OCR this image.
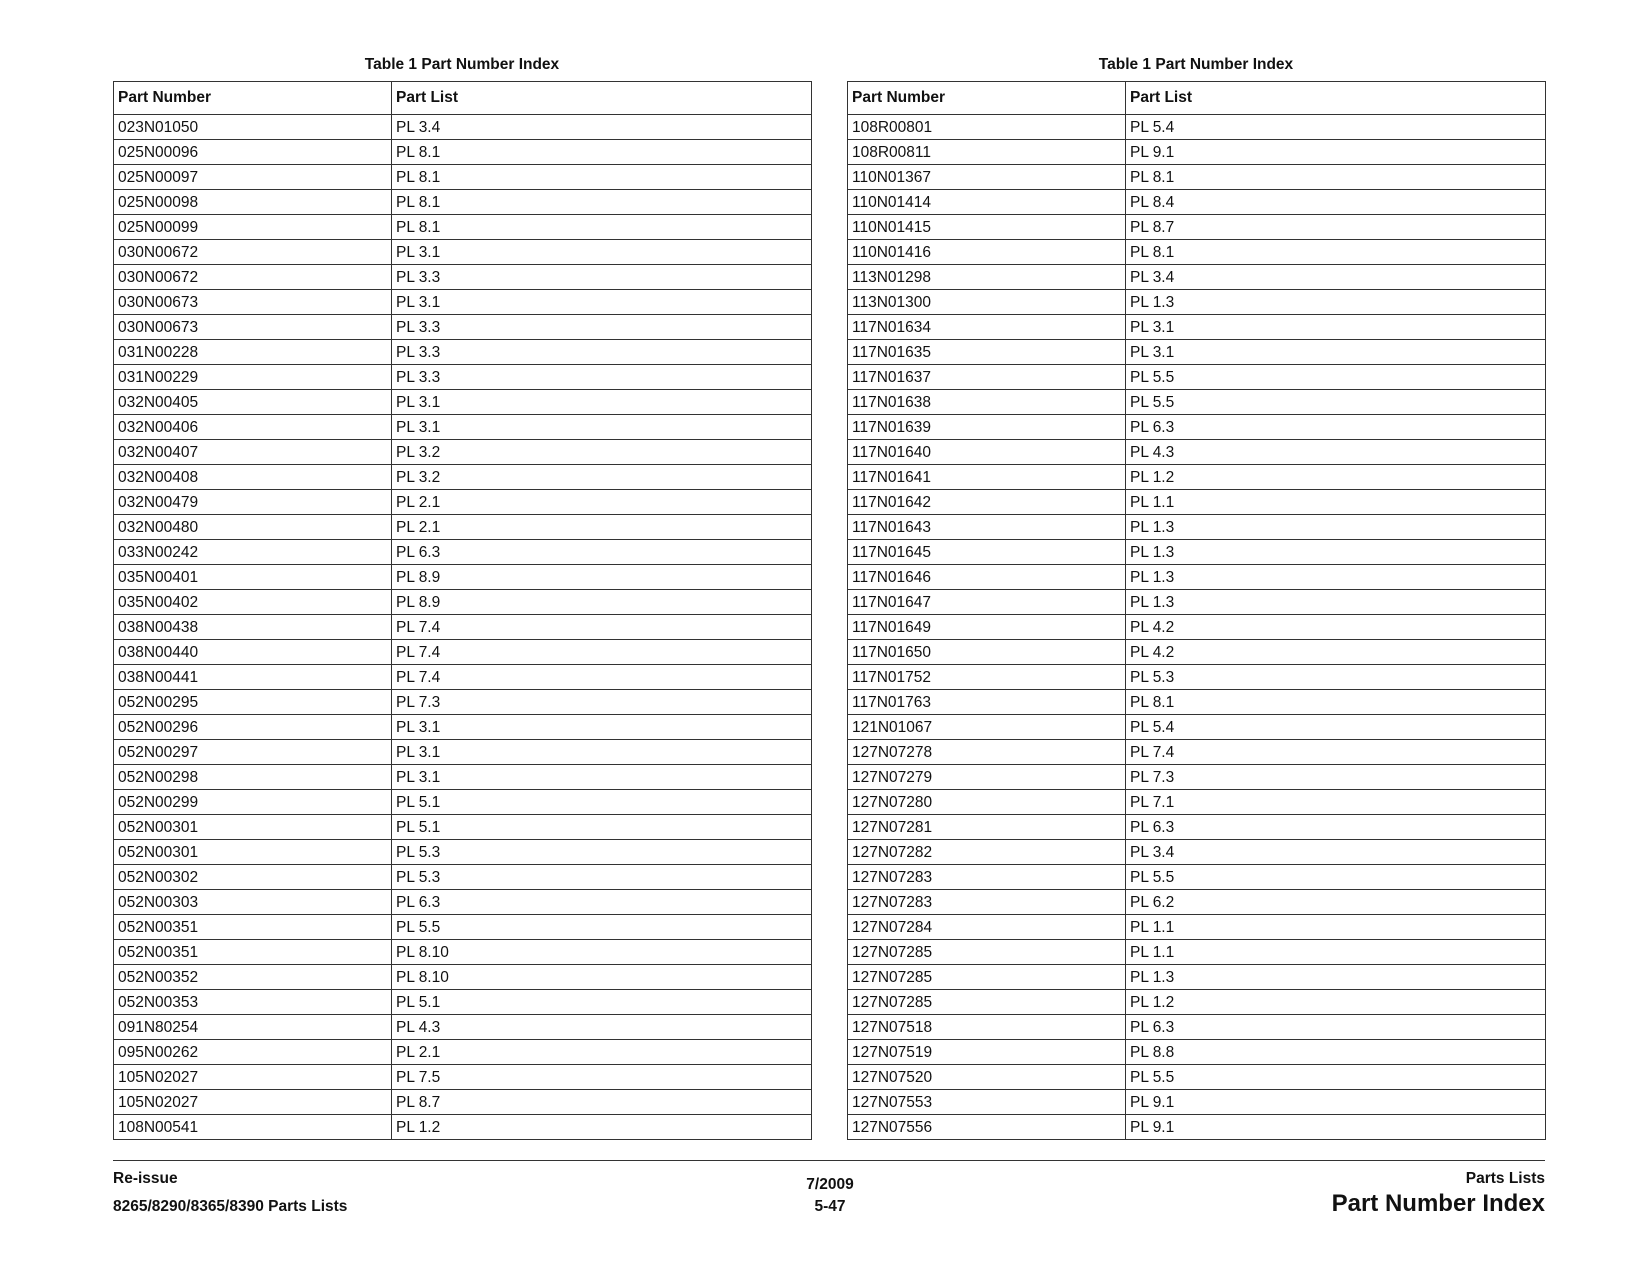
Table 1 Part Number Index
Part Number	Part List
023N01050	PL 3.4
025N00096	PL 8.1
025N00097	PL 8.1
025N00098	PL 8.1
025N00099	PL 8.1
030N00672	PL 3.1
030N00672	PL 3.3
030N00673	PL 3.1
030N00673	PL 3.3
031N00228	PL 3.3
031N00229	PL 3.3
032N00405	PL 3.1
032N00406	PL 3.1
032N00407	PL 3.2
032N00408	PL 3.2
032N00479	PL 2.1
032N00480	PL 2.1
033N00242	PL 6.3
035N00401	PL 8.9
035N00402	PL 8.9
038N00438	PL 7.4
038N00440	PL 7.4
038N00441	PL 7.4
052N00295	PL 7.3
052N00296	PL 3.1
052N00297	PL 3.1
052N00298	PL 3.1
052N00299	PL 5.1
052N00301	PL 5.1
052N00301	PL 5.3
052N00302	PL 5.3
052N00303	PL 6.3
052N00351	PL 5.5
052N00351	PL 8.10
052N00352	PL 8.10
052N00353	PL 5.1
091N80254	PL 4.3
095N00262	PL 2.1
105N02027	PL 7.5
105N02027	PL 8.7
108N00541	PL 1.2
Table 1 Part Number Index
Part Number	Part List
108R00801	PL 5.4
108R00811	PL 9.1
110N01367	PL 8.1
110N01414	PL 8.4
110N01415	PL 8.7
110N01416	PL 8.1
113N01298	PL 3.4
113N01300	PL 1.3
117N01634	PL 3.1
117N01635	PL 3.1
117N01637	PL 5.5
117N01638	PL 5.5
117N01639	PL 6.3
117N01640	PL 4.3
117N01641	PL 1.2
117N01642	PL 1.1
117N01643	PL 1.3
117N01645	PL 1.3
117N01646	PL 1.3
117N01647	PL 1.3
117N01649	PL 4.2
117N01650	PL 4.2
117N01752	PL 5.3
117N01763	PL 8.1
121N01067	PL 5.4
127N07278	PL 7.4
127N07279	PL 7.3
127N07280	PL 7.1
127N07281	PL 6.3
127N07282	PL 3.4
127N07283	PL 5.5
127N07283	PL 6.2
127N07284	PL 1.1
127N07285	PL 1.1
127N07285	PL 1.3
127N07285	PL 1.2
127N07518	PL 6.3
127N07519	PL 8.8
127N07520	PL 5.5
127N07553	PL 9.1
127N07556	PL 9.1
Re-issue
8265/8290/8365/8390 Parts Lists
7/2009
5-47
Parts Lists
Part Number Index
